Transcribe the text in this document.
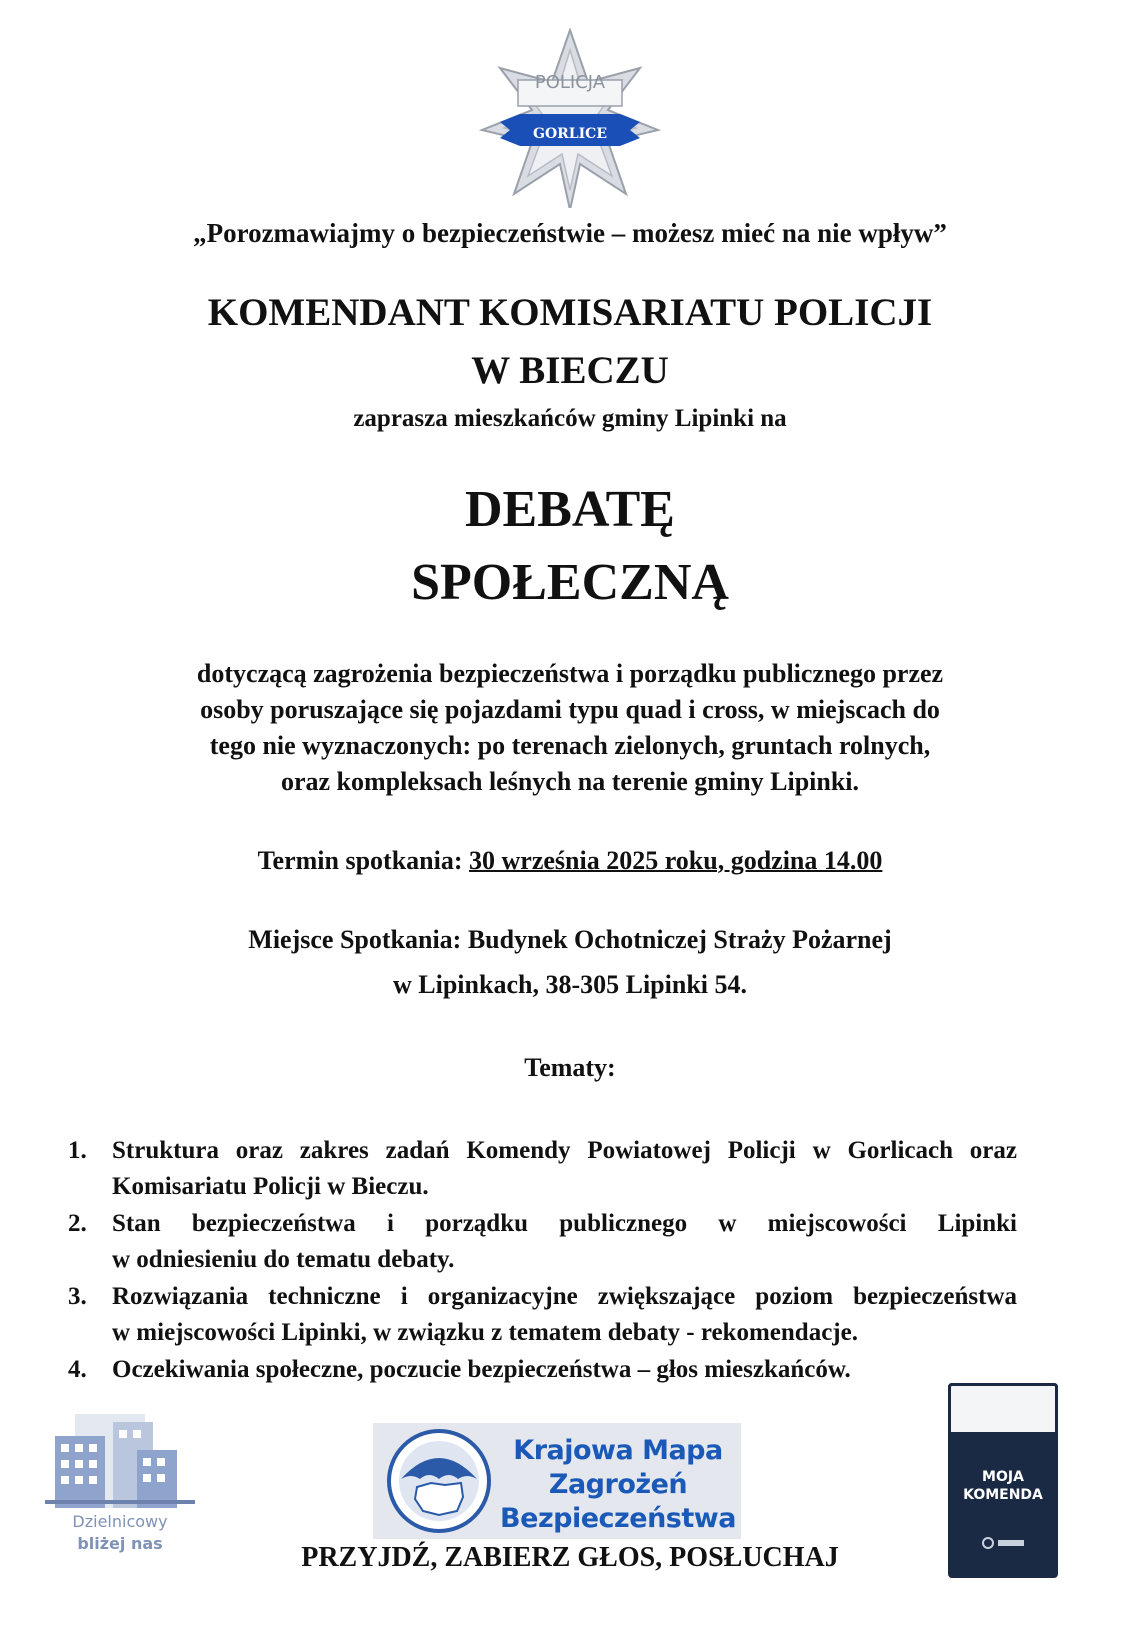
POLICJA
GORLICE
„Porozmawiajmy o bezpieczeństwie – możesz mieć na nie wpływ”
KOMENDANT KOMISARIATU POLICJI
W BIECZU
zaprasza mieszkańców gminy Lipinki na
DEBATĘ
SPOŁECZNĄ
dotyczącą zagrożenia bezpieczeństwa i porządku publicznego przez
osoby poruszające się pojazdami typu quad i cross, w miejscach do
tego nie wyznaczonych: po terenach zielonych, gruntach rolnych,
oraz kompleksach leśnych na terenie gminy Lipinki.
Termin spotkania: 30 września 2025 roku, godzina 14.00
Miejsce Spotkania: Budynek Ochotniczej Straży Pożarnej
w Lipinkach, 38-305 Lipinki 54.
Tematy:
1. Struktura oraz zakres zadań Komendy Powiatowej Policji w Gorlicach oraz
Komisariatu Policji w Bieczu.
2. Stan bezpieczeństwa i porządku publicznego w miejscowości Lipinki
w odniesieniu do tematu debaty.
3. Rozwiązania techniczne i organizacyjne zwiększające poziom bezpieczeństwa
w miejscowości Lipinki, w związku z tematem debaty - rekomendacje.
4. Oczekiwania społeczne, poczucie bezpieczeństwa – głos mieszkańców.
Dzielnicowy
bliżej nas
Krajowa Mapa
Zagrożeń
Bezpieczeństwa
PRZYJDŹ, ZABIERZ GŁOS, POSŁUCHAJ
MOJA
KOMENDA
